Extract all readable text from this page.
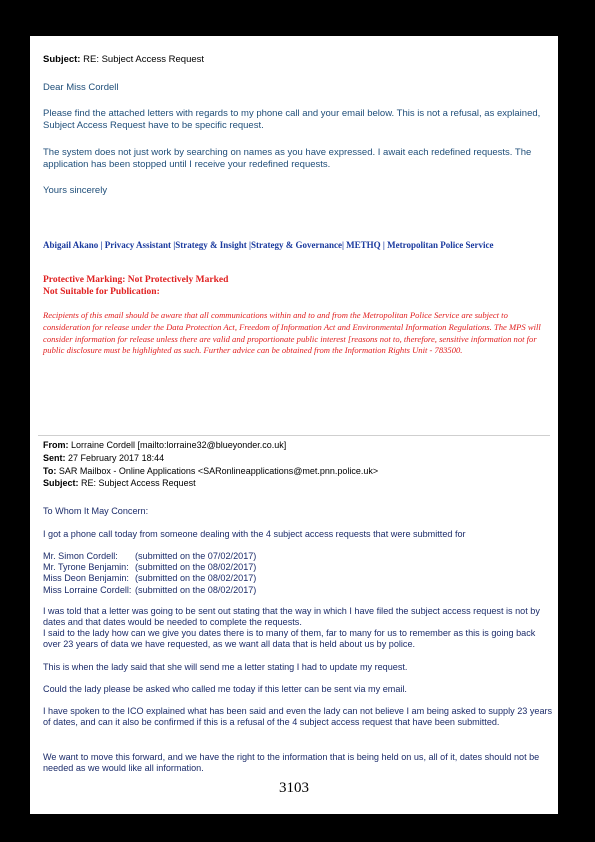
Subject: RE: Subject Access Request
Dear Miss Cordell
Please find the attached letters with regards to my phone call and your email below. This is not a refusal, as explained, Subject Access Request have to be specific request.
The system does not just work by searching on names as you have expressed. I await each redefined requests. The application has been stopped until I receive your redefined requests.
Yours sincerely
Abigail Akano | Privacy Assistant |Strategy & Insight |Strategy & Governance| METHQ | Metropolitan Police Service
Protective Marking: Not Protectively Marked
Not Suitable for Publication:
Recipients of this email should be aware that all communications within and to and from the Metropolitan Police Service are subject to consideration for release under the Data Protection Act, Freedom of Information Act and Environmental Information Regulations. The MPS will consider information for release unless there are valid and proportionate public interest [reasons not to, therefore, sensitive information not for public disclosure must be highlighted as such. Further advice can be obtained from the Information Rights Unit - 783500.
From: Lorraine Cordell [mailto:lorraine32@blueyonder.co.uk]
Sent: 27 February 2017 18:44
To: SAR Mailbox - Online Applications <SARonlineapplications@met.pnn.police.uk>
Subject: RE: Subject Access Request
To Whom It May Concern:
I got a phone call today from someone dealing with the 4 subject access requests that were submitted for
Mr. Simon Cordell: (submitted on the 07/02/2017)
Mr. Tyrone Benjamin: (submitted on the 08/02/2017)
Miss Deon Benjamin: (submitted on the 08/02/2017)
Miss Lorraine Cordell: (submitted on the 08/02/2017)
I was told that a letter was going to be sent out stating that the way in which I have filed the subject access request is not by dates and that dates would be needed to complete the requests.
I said to the lady how can we give you dates there is to many of them, far to many for us to remember as this is going back over 23 years of data we have requested, as we want all data that is held about us by police.
This is when the lady said that she will send me a letter stating I had to update my request.
Could the lady please be asked who called me today if this letter can be sent via my email.
I have spoken to the ICO explained what has been said and even the lady can not believe I am being asked to supply 23 years of dates, and can it also be confirmed if this is a refusal of the 4 subject access request that have been submitted.
We want to move this forward, and we have the right to the information that is being held on us, all of it, dates should not be needed as we would like all information.
3103
